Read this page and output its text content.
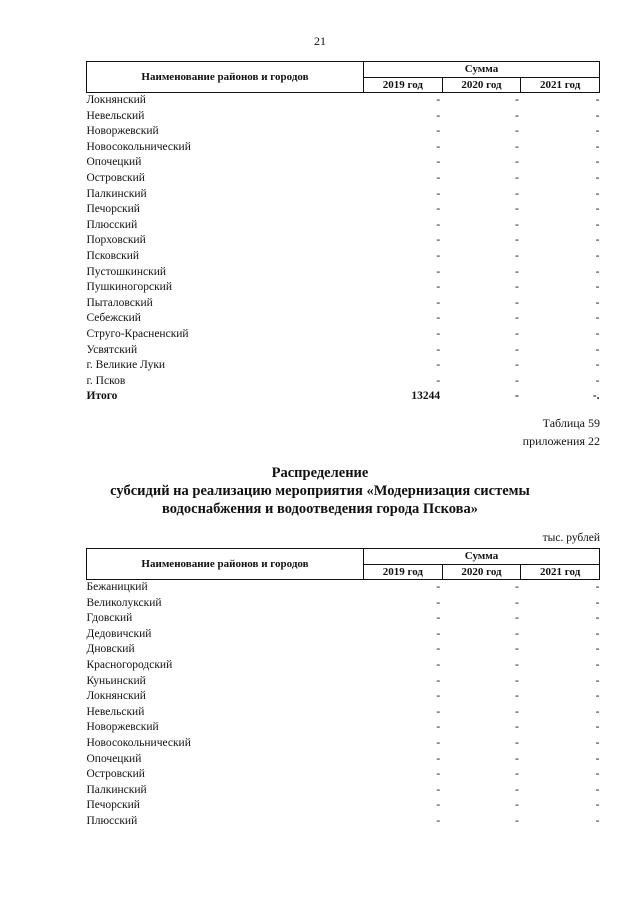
21
Наименование районов и городов	Сумма		
	2019 год	2020 год	2021 год
Локнянский	-	-	-
Невельский	-	-	-
Новоржевский	-	-	-
Новосокольнический	-	-	-
Опочецкий	-	-	-
Островский	-	-	-
Палкинский	-	-	-
Печорский	-	-	-
Плюсский	-	-	-
Порховский	-	-	-
Псковский	-	-	-
Пустошкинский	-	-	-
Пушкиногорский	-	-	-
Пыталовский	-	-	-
Себежский	-	-	-
Струго-Красненский	-	-	-
Усвятский	-	-	-
г. Великие Луки	-	-	-
г. Псков	-	-	-
Итого	13244	-	-.
Таблица 59
приложения 22
Распределение
субсидий на реализацию мероприятия «Модернизация системы
водоснабжения и водоотведения города Пскова»
тыс. рублей
Наименование районов и городов	Сумма		
	2019 год	2020 год	2021 год
Бежаницкий	-	-	-
Великолукский	-	-	-
Гдовский	-	-	-
Дедовичский	-	-	-
Дновский	-	-	-
Красногородский	-	-	-
Куньинский	-	-	-
Локнянский	-	-	-
Невельский	-	-	-
Новоржевский	-	-	-
Новосокольнический	-	-	-
Опочецкий	-	-	-
Островский	-	-	-
Палкинский	-	-	-
Печорский	-	-	-
Плюсский	-	-	-
